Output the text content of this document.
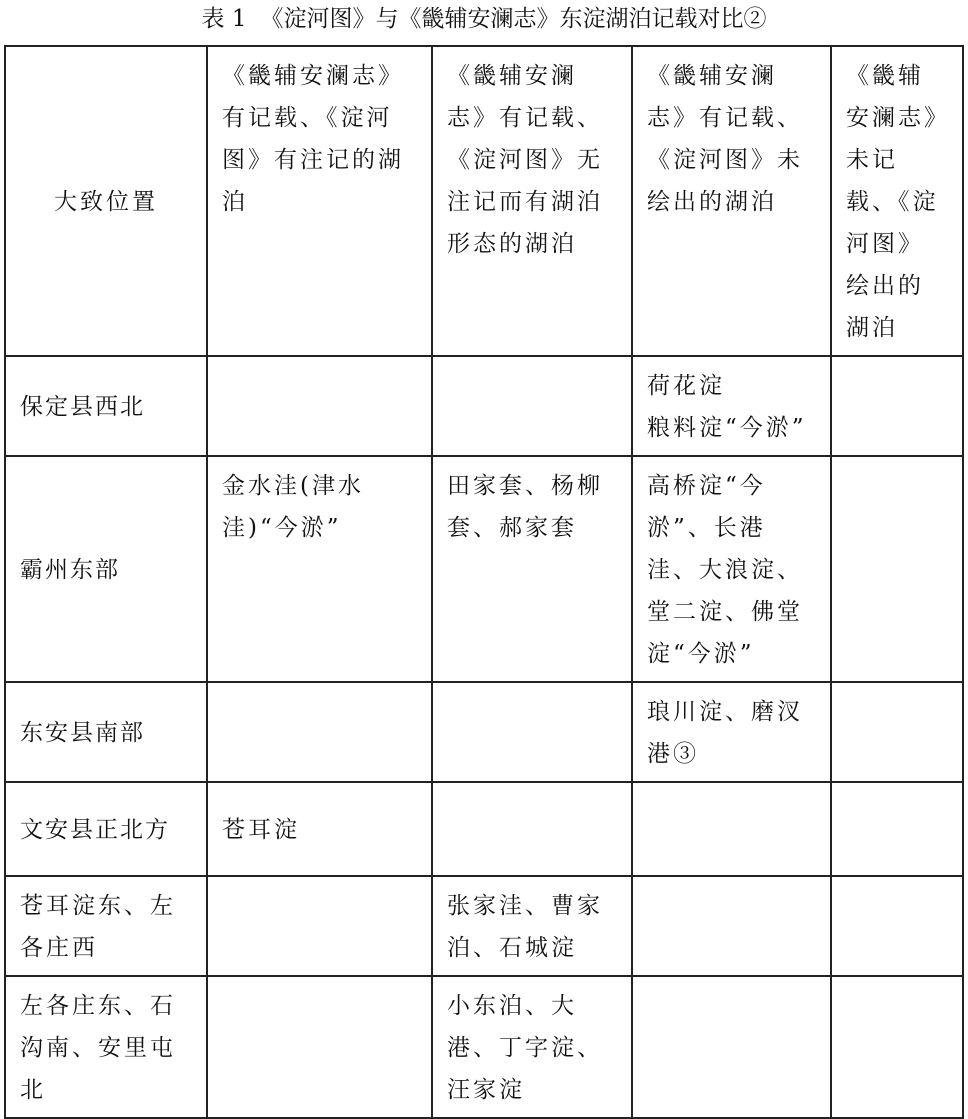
表 1 《淀河图》与《畿辅安澜志》东淀湖泊记载对比②
大致位置	《畿辅安澜志》有记载、《淀河图》有注记的湖泊	《畿辅安澜志》有记载、《淀河图》无注记而有湖泊形态的湖泊	《畿辅安澜志》有记载、《淀河图》未绘出的湖泊	《畿辅安澜志》未记载、《淀河图》绘出的湖泊
保定县西北			荷花淀
粮料淀“今淤”	
霸州东部	金水洼(津水洼)“今淤”	田家套、杨柳套、郝家套	高桥淀“今淤”、长港洼、大浪淀、堂二淀、佛堂淀“今淤”	
东安县南部			琅川淀、磨汊港③	
文安县正北方	苍耳淀			
苍耳淀东、左各庄西		张家洼、曹家泊、石城淀		
左各庄东、石沟南、安里屯北		小东泊、大港、丁字淀、汪家淀		
